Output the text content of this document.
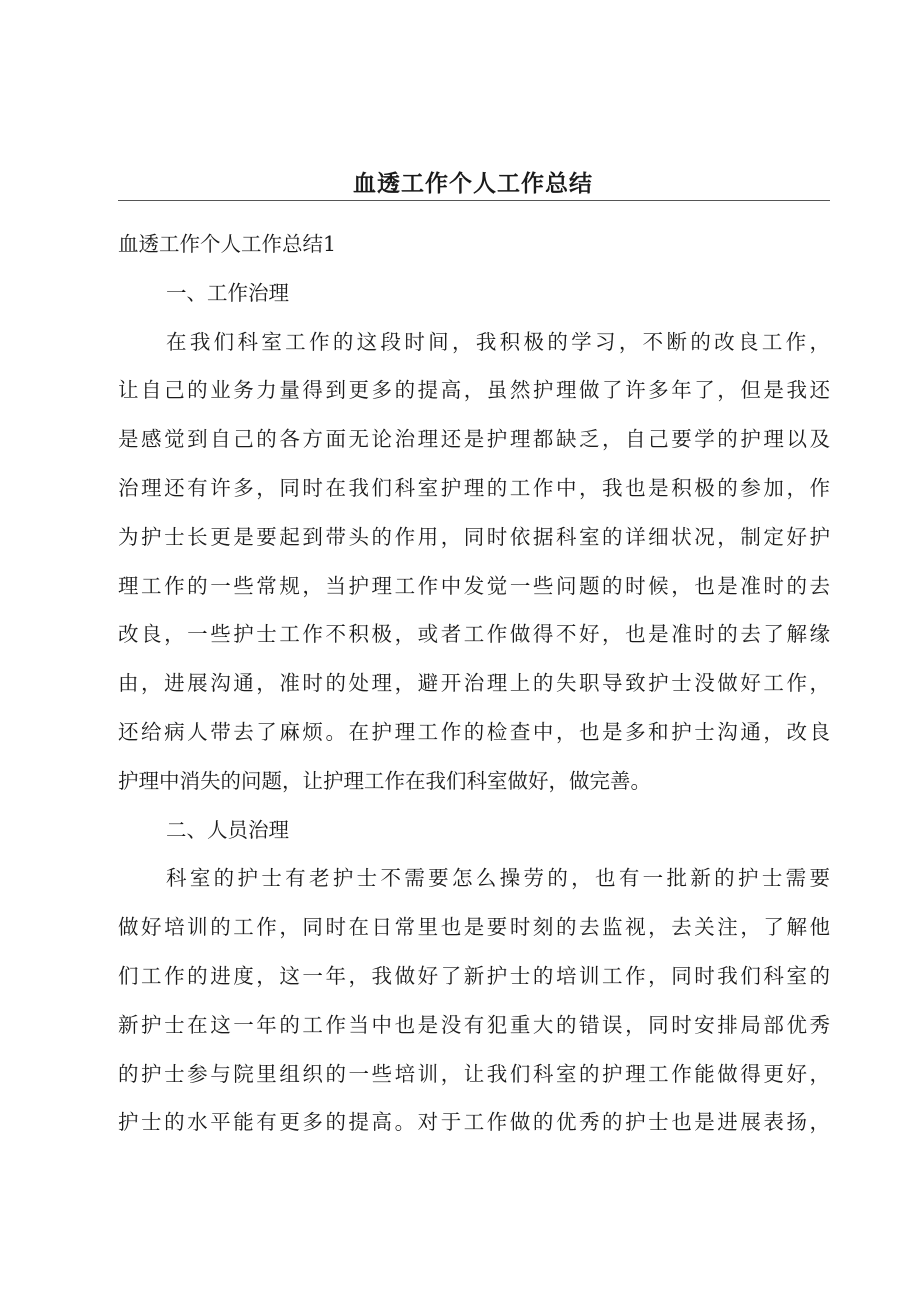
血透工作个人工作总结
血透工作个人工作总结1
一、工作治理
在我们科室工作的这段时间，我积极的学习，不断的改良工作，
让自己的业务力量得到更多的提高，虽然护理做了许多年了，但是我还
是感觉到自己的各方面无论治理还是护理都缺乏，自己要学的护理以及
治理还有许多，同时在我们科室护理的工作中，我也是积极的参加，作
为护士长更是要起到带头的作用，同时依据科室的详细状况，制定好护
理工作的一些常规，当护理工作中发觉一些问题的时候，也是准时的去
改良，一些护士工作不积极，或者工作做得不好，也是准时的去了解缘
由，进展沟通，准时的处理，避开治理上的失职导致护士没做好工作，
还给病人带去了麻烦。在护理工作的检查中，也是多和护士沟通，改良
护理中消失的问题，让护理工作在我们科室做好，做完善。
二、人员治理
科室的护士有老护士不需要怎么操劳的，也有一批新的护士需要
做好培训的工作，同时在日常里也是要时刻的去监视，去关注，了解他
们工作的进度，这一年，我做好了新护士的培训工作，同时我们科室的
新护士在这一年的工作当中也是没有犯重大的错误，同时安排局部优秀
的护士参与院里组织的一些培训，让我们科室的护理工作能做得更好，
护士的水平能有更多的提高。对于工作做的优秀的护士也是进展表扬，
